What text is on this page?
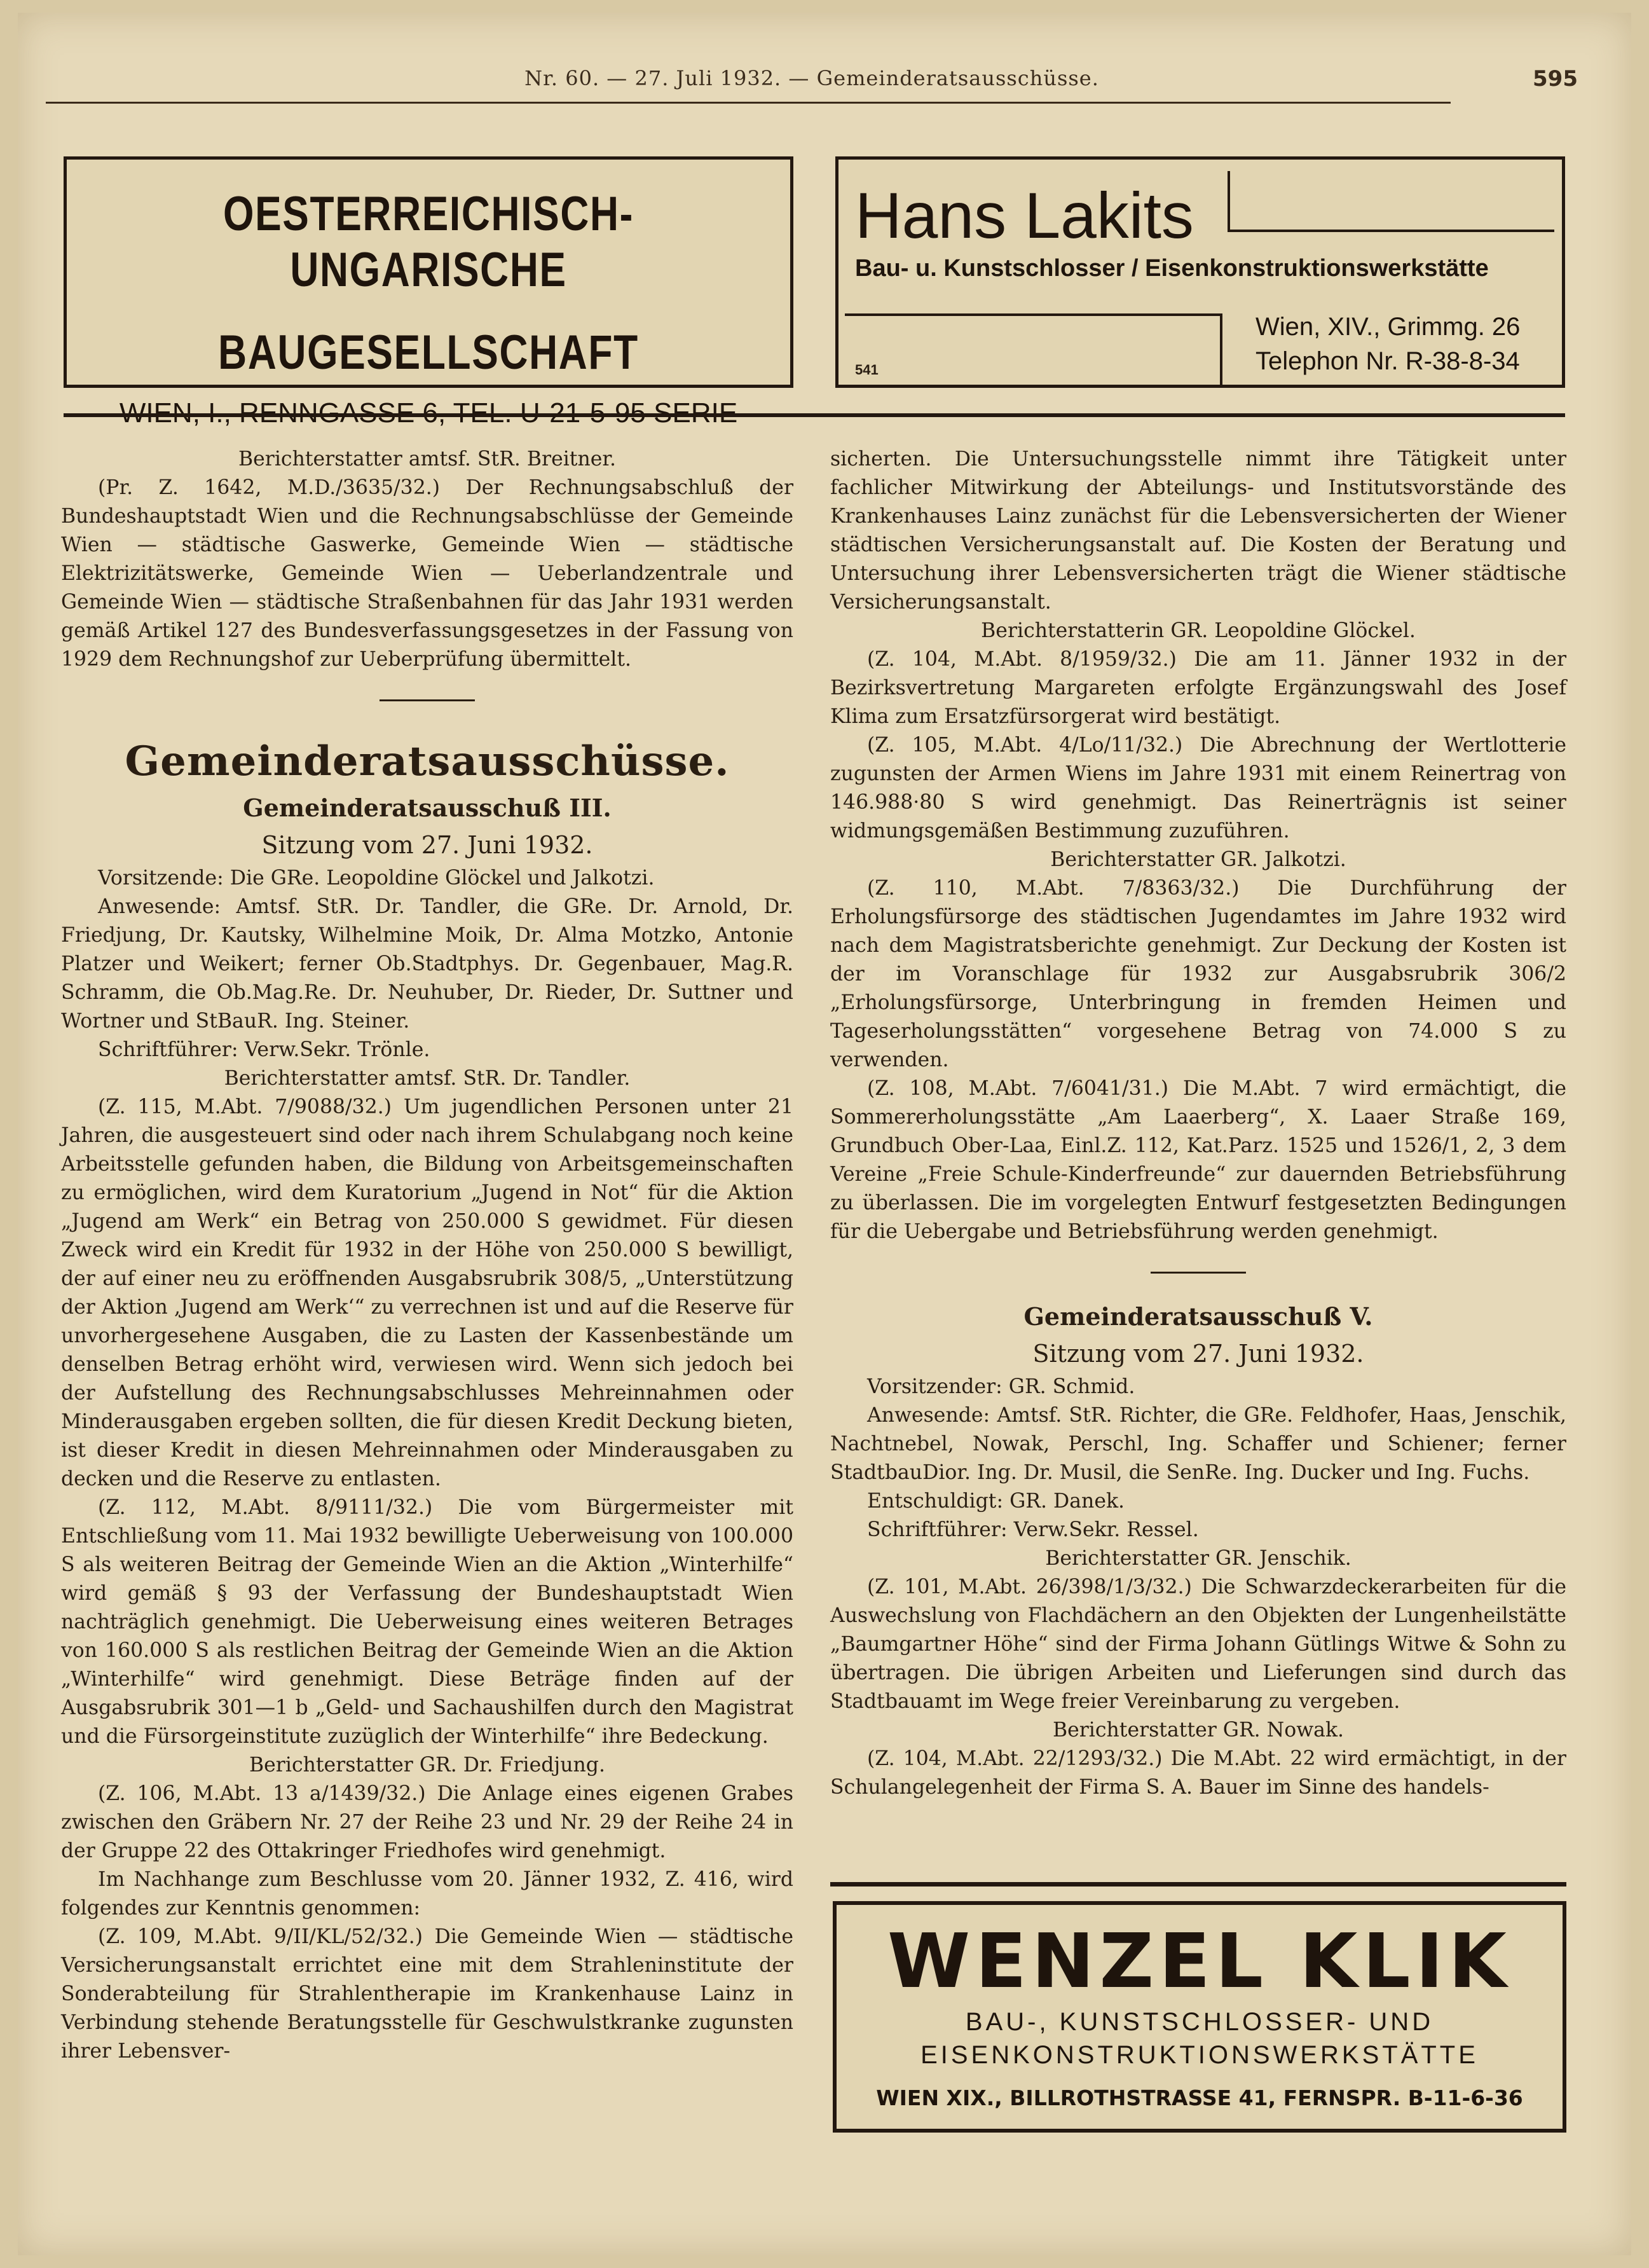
Nr. 60. — 27. Juli 1932. — Gemeinderatsausschüsse.	595
OESTERREICHISCH-UNGARISCHE
BAUGESELLSCHAFT
Hans Lakits
Bau- u. Kunstschlosser / Eisenkonstruktionswerkstätte
541
Wien, XIV., Grimmg. 26
Telephon Nr. R-38-8-34

Berichterstatter amtsf. StR. Breitner.

(Pr. Z. 1642, M.D./3635/32.) Der Rechnungsabschluß der Bundeshauptstadt Wien und die Rechnungsabschlüsse der Gemeinde Wien — städtische Gaswerke, Gemeinde Wien — städtische Elektrizitätswerke, Gemeinde Wien — Ueberlandzentrale und Gemeinde Wien — städtische Straßenbahnen für das Jahr 1931 werden gemäß Artikel 127 des Bundesverfassungsgesetzes in der Fassung von 1929 dem Rechnungshof zur Ueberprüfung übermittelt.

Gemeinderatsausschüsse.
Gemeinderatsausschuß III.
Sitzung vom 27. Juni 1932.

Vorsitzende: Die GRe. Leopoldine Glöckel und Jalkotzi.

Anwesende: Amtsf. StR. Dr. Tandler, die GRe. Dr. Arnold, Dr. Friedjung, Dr. Kautsky, Wilhelmine Moik, Dr. Alma Motzko, Antonie Platzer und Weikert; ferner Ob.Stadtphys. Dr. Gegenbauer, Mag.R. Schramm, die Ob.Mag.Re. Dr. Neuhuber, Dr. Rieder, Dr. Suttner und Wortner und StBauR. Ing. Steiner.

Schriftführer: Verw.Sekr. Trönle.

Berichterstatter amtsf. StR. Dr. Tandler.

(Z. 115, M.Abt. 7/9088/32.) Um jugendlichen Personen unter 21 Jahren, die ausgesteuert sind oder nach ihrem Schulabgang noch keine Arbeitsstelle gefunden haben, die Bildung von Arbeitsgemeinschaften zu ermöglichen, wird dem Kuratorium „Jugend in Not“ für die Aktion „Jugend am Werk“ ein Betrag von 250.000 S gewidmet. Für diesen Zweck wird ein Kredit für 1932 in der Höhe von 250.000 S bewilligt, der auf einer neu zu eröffnenden Ausgabsrubrik 308/5, „Unterstützung der Aktion ‚Jugend am Werk‘“ zu verrechnen ist und auf die Reserve für unvorhergesehene Ausgaben, die zu Lasten der Kassenbestände um denselben Betrag erhöht wird, verwiesen wird. Wenn sich jedoch bei der Aufstellung des Rechnungsabschlusses Mehreinnahmen oder Minderausgaben ergeben sollten, die für diesen Kredit Deckung bieten, ist dieser Kredit in diesen Mehreinnahmen oder Minderausgaben zu decken und die Reserve zu entlasten.

(Z. 112, M.Abt. 8/9111/32.) Die vom Bürgermeister mit Entschließung vom 11. Mai 1932 bewilligte Ueberweisung von 100.000 S als weiteren Beitrag der Gemeinde Wien an die Aktion „Winterhilfe“ wird gemäß § 93 der Verfassung der Bundeshauptstadt Wien nachträglich genehmigt. Die Ueberweisung eines weiteren Betrages von 160.000 S als restlichen Beitrag der Gemeinde Wien an die Aktion „Winterhilfe“ wird genehmigt. Diese Beträge finden auf der Ausgabsrubrik 301—1 b „Geld- und Sachaushilfen durch den Magistrat und die Fürsorgeinstitute zuzüglich der Winterhilfe“ ihre Bedeckung.

Berichterstatter GR. Dr. Friedjung.

(Z. 106, M.Abt. 13 a/1439/32.) Die Anlage eines eigenen Grabes zwischen den Gräbern Nr. 27 der Reihe 23 und Nr. 29 der Reihe 24 in der Gruppe 22 des Ottakringer Friedhofes wird genehmigt.

Im Nachhange zum Beschlusse vom 20. Jänner 1932, Z. 416, wird folgendes zur Kenntnis genommen:

(Z. 109, M.Abt. 9/II/KL/52/32.) Die Gemeinde Wien — städtische Versicherungsanstalt errichtet eine mit dem Strahleninstitute der Sonderabteilung für Strahlentherapie im Krankenhause Lainz in Verbindung stehende Beratungsstelle für Geschwulstkranke zugunsten ihrer Lebensver-

sicherten. Die Untersuchungsstelle nimmt ihre Tätigkeit unter fachlicher Mitwirkung der Abteilungs- und Institutsvorstände des Krankenhauses Lainz zunächst für die Lebensversicherten der Wiener städtischen Versicherungsanstalt auf. Die Kosten der Beratung und Untersuchung ihrer Lebensversicherten trägt die Wiener städtische Versicherungsanstalt.

Berichterstatterin GR. Leopoldine Glöckel.

(Z. 104, M.Abt. 8/1959/32.) Die am 11. Jänner 1932 in der Bezirksvertretung Margareten erfolgte Ergänzungswahl des Josef Klima zum Ersatzfürsorgerat wird bestätigt.

(Z. 105, M.Abt. 4/Lo/11/32.) Die Abrechnung der Wertlotterie zugunsten der Armen Wiens im Jahre 1931 mit einem Reinertrag von 146.988·80 S wird genehmigt. Das Reinerträgnis ist seiner widmungsgemäßen Bestimmung zuzuführen.

Berichterstatter GR. Jalkotzi.

(Z. 110, M.Abt. 7/8363/32.) Die Durchführung der Erholungsfürsorge des städtischen Jugendamtes im Jahre 1932 wird nach dem Magistratsberichte genehmigt. Zur Deckung der Kosten ist der im Voranschlage für 1932 zur Ausgabsrubrik 306/2 „Erholungsfürsorge, Unterbringung in fremden Heimen und Tageserholungsstätten“ vorgesehene Betrag von 74.000 S zu verwenden.

(Z. 108, M.Abt. 7/6041/31.) Die M.Abt. 7 wird ermächtigt, die Sommererholungsstätte „Am Laaerberg“, X. Laaer Straße 169, Grundbuch Ober-Laa, Einl.Z. 112, Kat.Parz. 1525 und 1526/1, 2, 3 dem Vereine „Freie Schule-Kinderfreunde“ zur dauernden Betriebsführung zu überlassen. Die im vorgelegten Entwurf festgesetzten Bedingungen für die Uebergabe und Betriebsführung werden genehmigt.

Gemeinderatsausschuß V.
Sitzung vom 27. Juni 1932.

Vorsitzender: GR. Schmid.

Anwesende: Amtsf. StR. Richter, die GRe. Feldhofer, Haas, Jenschik, Nachtnebel, Nowak, Perschl, Ing. Schaffer und Schiener; ferner StadtbauDior. Ing. Dr. Musil, die SenRe. Ing. Ducker und Ing. Fuchs.

Entschuldigt: GR. Danek.

Schriftführer: Verw.Sekr. Ressel.

Berichterstatter GR. Jenschik.

(Z. 101, M.Abt. 26/398/1/3/32.) Die Schwarzdeckerarbeiten für die Auswechslung von Flachdächern an den Objekten der Lungenheilstätte „Baumgartner Höhe“ sind der Firma Johann Gütlings Witwe & Sohn zu übertragen. Die übrigen Arbeiten und Lieferungen sind durch das Stadtbauamt im Wege freier Vereinbarung zu vergeben.

Berichterstatter GR. Nowak.

(Z. 104, M.Abt. 22/1293/32.) Die M.Abt. 22 wird ermächtigt, in der Schulangelegenheit der Firma S. A. Bauer im Sinne des handels-

WENZEL KLIK
BAU-, KUNSTSCHLOSSER- UND
EISENKONSTRUKTIONSWERKSTÄTTE
WIEN XIX., BILLROTHSTRASSE 41, FERNSPR. B-11-6-36
